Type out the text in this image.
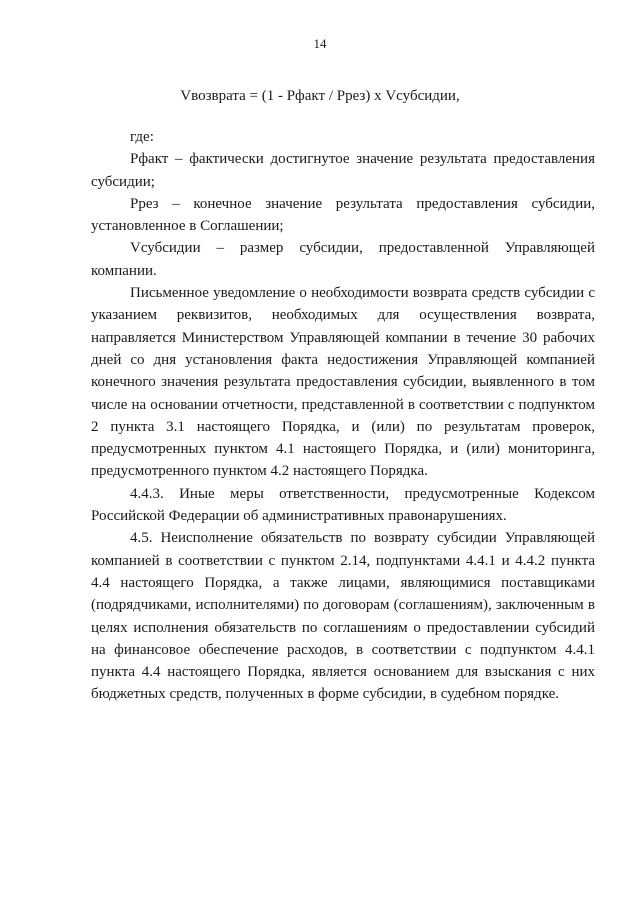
14
Vвозврата = (1 - Рфакт / Ррез) х Vсубсидии,

где:

Рфакт – фактически достигнутое значение результата предоставления субсидии;

Ррез – конечное значение результата предоставления субсидии, установленное в Соглашении;

Vсубсидии – размер субсидии, предоставленной Управляющей компании.

Письменное уведомление о необходимости возврата средств субсидии с указанием реквизитов, необходимых для осуществления возврата, направляется Министерством Управляющей компании в течение 30 рабочих дней со дня установления факта недостижения Управляющей компанией конечного значения результата предоставления субсидии, выявленного в том числе на основании отчетности, представленной в соответствии с подпунктом 2 пункта 3.1 настоящего Порядка, и (или) по результатам проверок, предусмотренных пунктом 4.1 настоящего Порядка, и (или) мониторинга, предусмотренного пунктом 4.2 настоящего Порядка.

4.4.3. Иные меры ответственности, предусмотренные Кодексом Российской Федерации об административных правонарушениях.

4.5. Неисполнение обязательств по возврату субсидии Управляющей компанией в соответствии с пунктом 2.14, подпунктами 4.4.1 и 4.4.2 пункта 4.4 настоящего Порядка, а также лицами, являющимися поставщиками (подрядчиками, исполнителями) по договорам (соглашениям), заключенным в целях исполнения обязательств по соглашениям о предоставлении субсидий на финансовое обеспечение расходов, в соответствии с подпунктом 4.4.1 пункта 4.4 настоящего Порядка, является основанием для взыскания с них бюджетных средств, полученных в форме субсидии, в судебном порядке.
